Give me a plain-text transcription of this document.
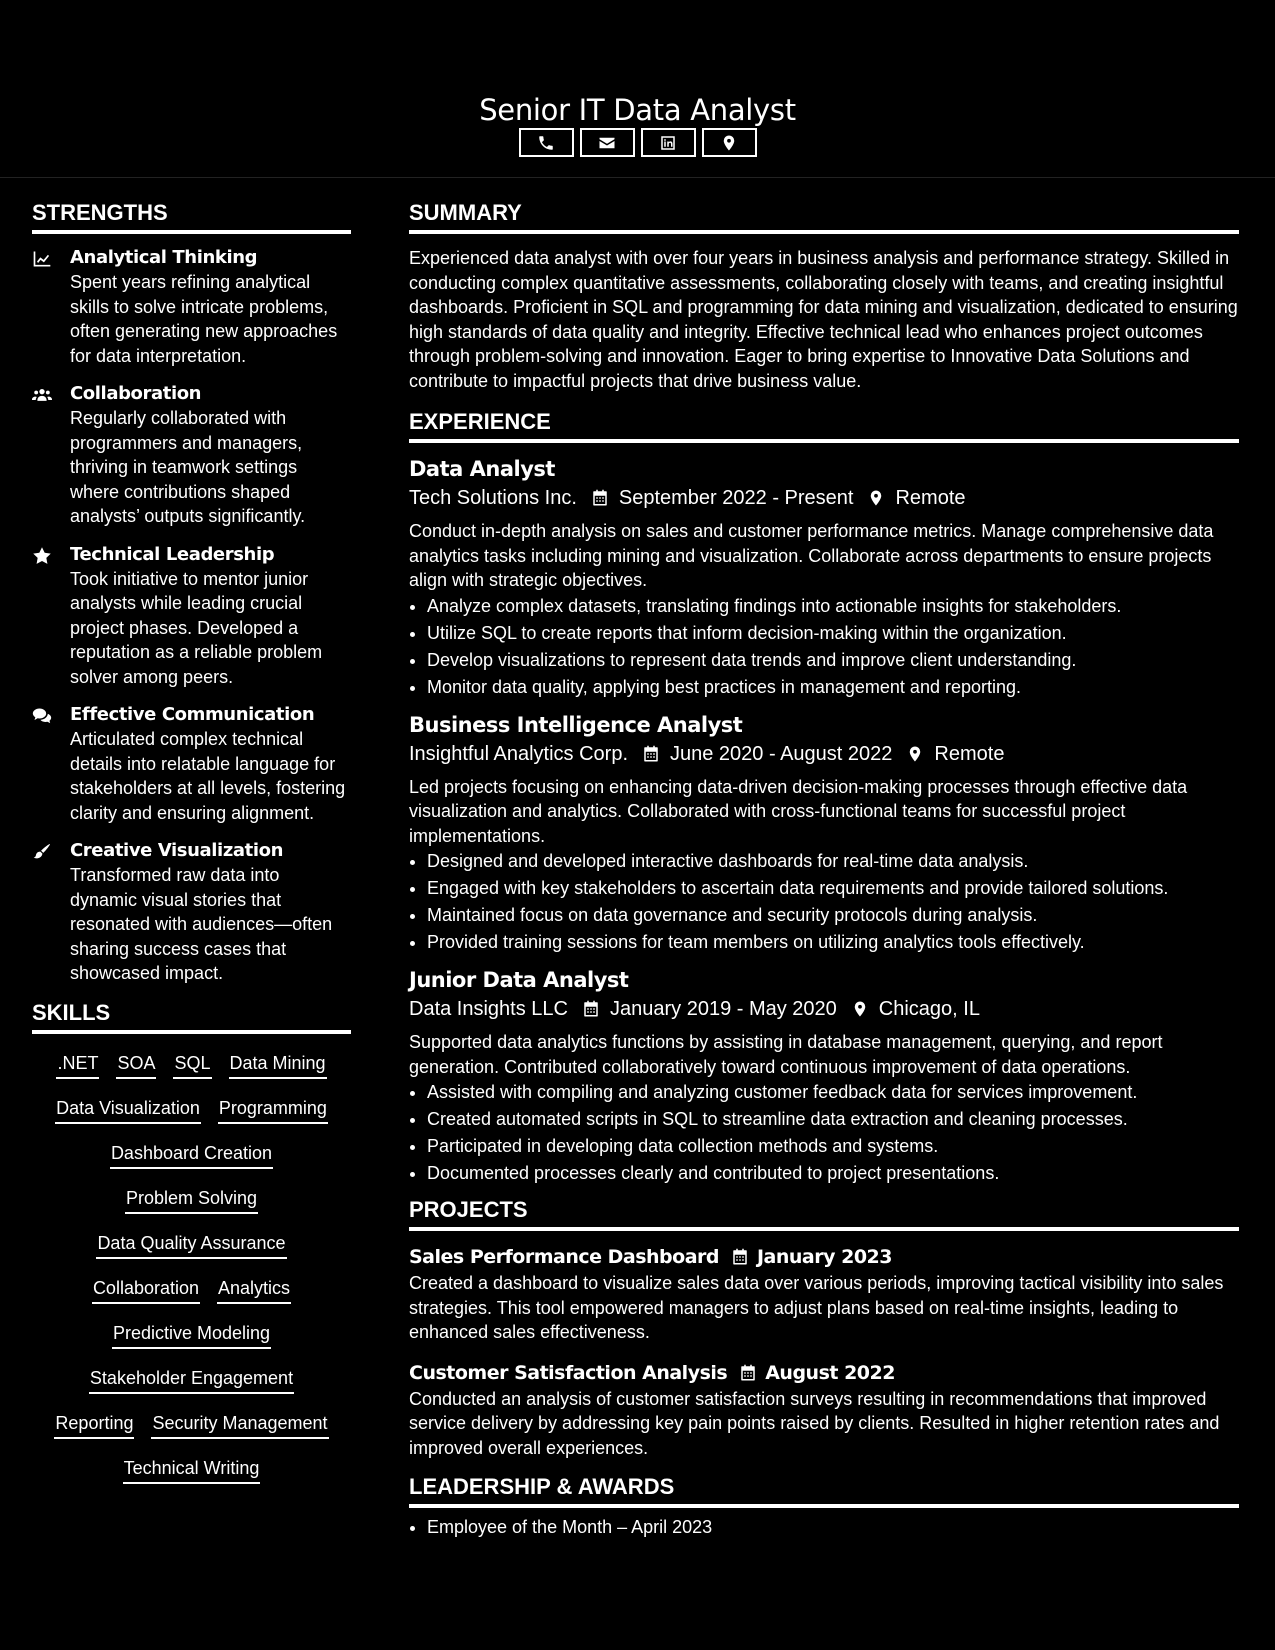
Senior IT Data Analyst
STRENGTHS
Analytical Thinking
Spent years refining analytical skills to solve intricate problems, often generating new approaches for data interpretation.
Collaboration
Regularly collaborated with programmers and managers, thriving in teamwork settings where contributions shaped analysts’ outputs significantly.
Technical Leadership
Took initiative to mentor junior analysts while leading crucial project phases. Developed a reputation as a reliable problem solver among peers.
Effective Communication
Articulated complex technical details into relatable language for stakeholders at all levels, fostering clarity and ensuring alignment.
Creative Visualization
Transformed raw data into dynamic visual stories that resonated with audiences—often sharing success cases that showcased impact.
SKILLS
.NET SOA SQL Data Mining
Data Visualization Programming
Dashboard Creation
Problem Solving
Data Quality Assurance
Collaboration Analytics
Predictive Modeling
Stakeholder Engagement
Reporting Security Management
Technical Writing
SUMMARY
Experienced data analyst with over four years in business analysis and performance strategy. Skilled in conducting complex quantitative assessments, collaborating closely with teams, and creating insightful dashboards. Proficient in SQL and programming for data mining and visualization, dedicated to ensuring high standards of data quality and integrity. Effective technical lead who enhances project outcomes through problem-solving and innovation. Eager to bring expertise to Innovative Data Solutions and contribute to impactful projects that drive business value.
EXPERIENCE
Data Analyst
Tech Solutions Inc. September 2022 - Present Remote
Conduct in-depth analysis on sales and customer performance metrics. Manage comprehensive data analytics tasks including mining and visualization. Collaborate across departments to ensure projects align with strategic objectives.
• Analyze complex datasets, translating findings into actionable insights for stakeholders.
• Utilize SQL to create reports that inform decision-making within the organization.
• Develop visualizations to represent data trends and improve client understanding.
• Monitor data quality, applying best practices in management and reporting.
Business Intelligence Analyst
Insightful Analytics Corp. June 2020 - August 2022 Remote
Led projects focusing on enhancing data-driven decision-making processes through effective data visualization and analytics. Collaborated with cross-functional teams for successful project implementations.
• Designed and developed interactive dashboards for real-time data analysis.
• Engaged with key stakeholders to ascertain data requirements and provide tailored solutions.
• Maintained focus on data governance and security protocols during analysis.
• Provided training sessions for team members on utilizing analytics tools effectively.
Junior Data Analyst
Data Insights LLC January 2019 - May 2020 Chicago, IL
Supported data analytics functions by assisting in database management, querying, and report generation. Contributed collaboratively toward continuous improvement of data operations.
• Assisted with compiling and analyzing customer feedback data for services improvement.
• Created automated scripts in SQL to streamline data extraction and cleaning processes.
• Participated in developing data collection methods and systems.
• Documented processes clearly and contributed to project presentations.
PROJECTS
Sales Performance Dashboard January 2023
Created a dashboard to visualize sales data over various periods, improving tactical visibility into sales strategies. This tool empowered managers to adjust plans based on real-time insights, leading to enhanced sales effectiveness.
Customer Satisfaction Analysis August 2022
Conducted an analysis of customer satisfaction surveys resulting in recommendations that improved service delivery by addressing key pain points raised by clients. Resulted in higher retention rates and improved overall experiences.
LEADERSHIP & AWARDS
• Employee of the Month – April 2023
